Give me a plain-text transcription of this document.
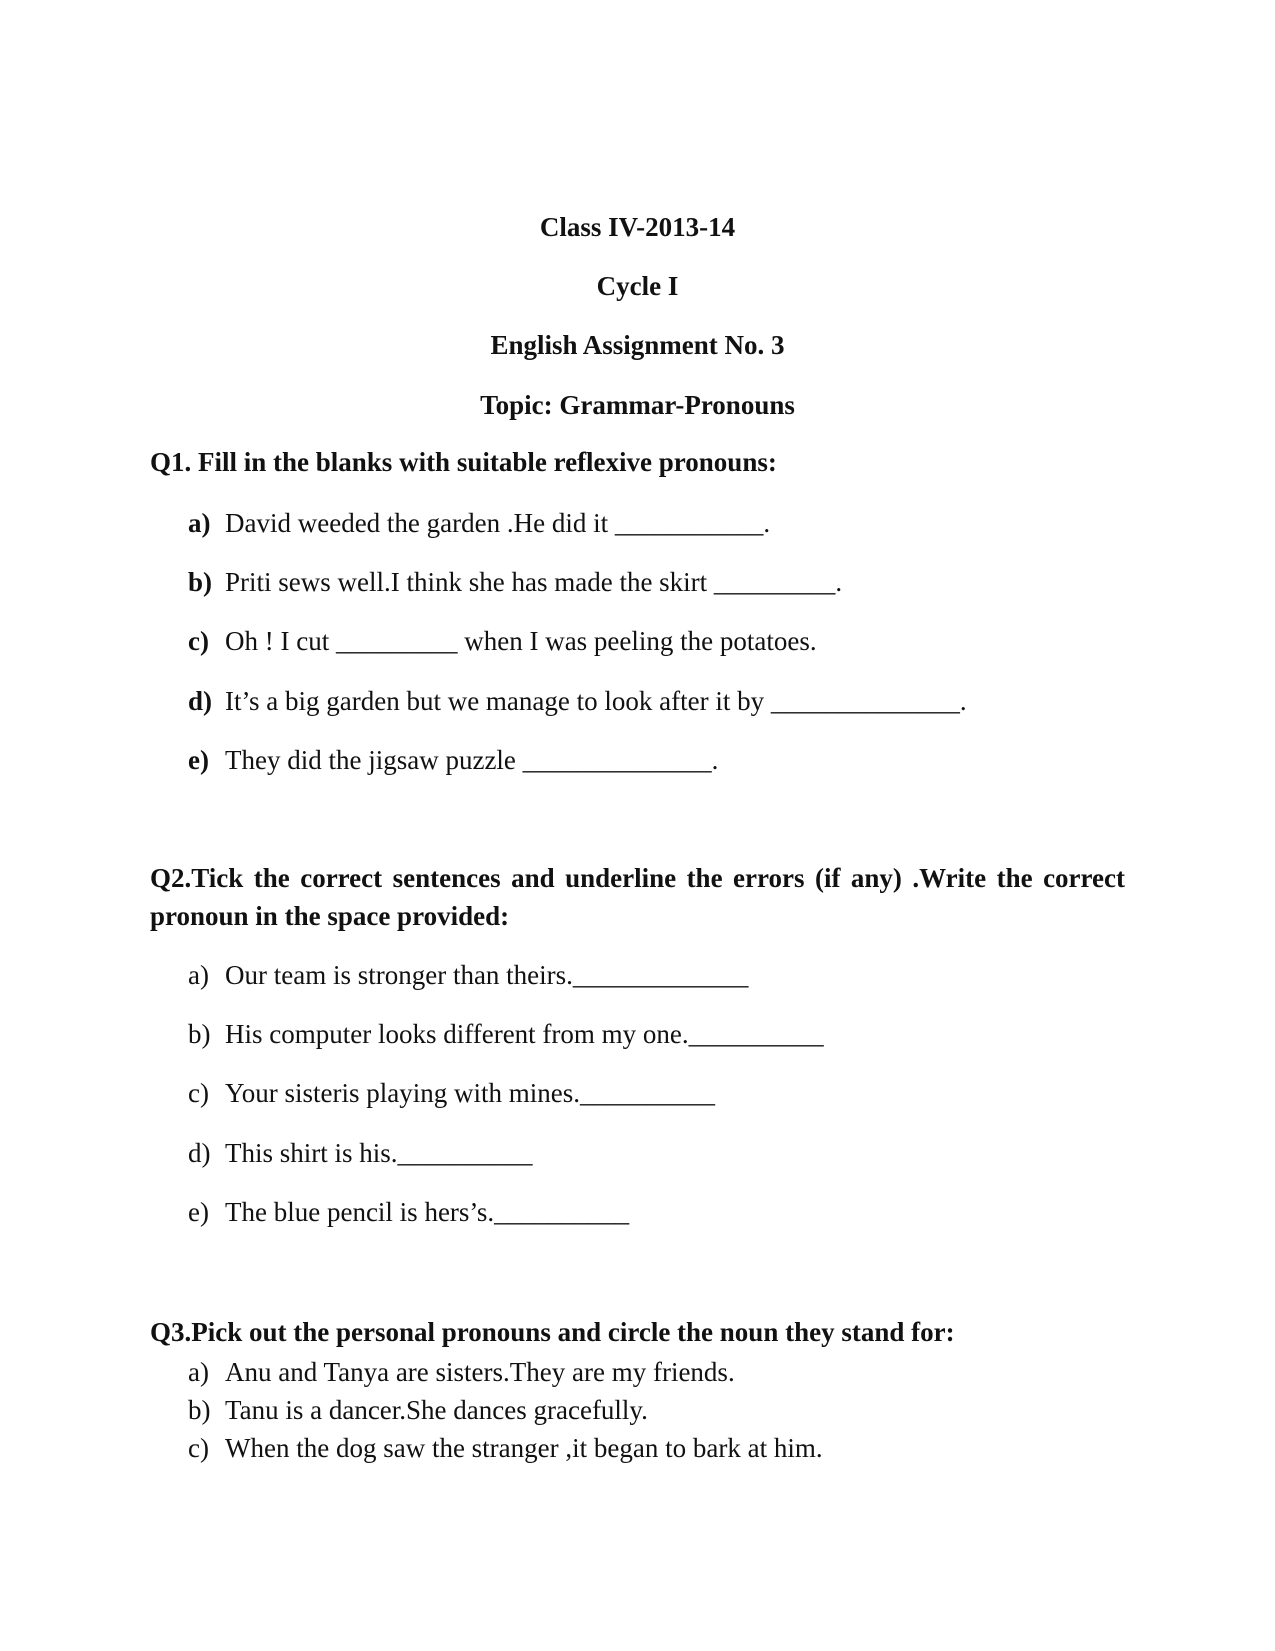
Class IV-2013-14
Cycle I
English Assignment No. 3
Topic: Grammar-Pronouns
Q1. Fill in the blanks with suitable reflexive pronouns:
a) David weeded the garden .He did it ___________.
b) Priti sews well.I think she has made the skirt _________.
c) Oh ! I cut _________ when I was peeling the potatoes.
d) It’s a big garden but we manage to look after it by ______________.
e) They did the jigsaw puzzle ______________.
Q2.Tick the correct sentences and underline the errors (if any) .Write the correct pronoun in the space provided:
a) Our team is stronger than theirs._____________
b) His computer looks different from my one.__________
c) Your sisteris playing with mines.__________
d) This shirt is his.__________
e) The blue pencil is hers’s.__________
Q3.Pick out the personal pronouns and circle the noun they stand for:
a) Anu and Tanya are sisters.They are my friends.
b) Tanu is a dancer.She dances gracefully.
c) When the dog saw the stranger ,it began to bark at him.
